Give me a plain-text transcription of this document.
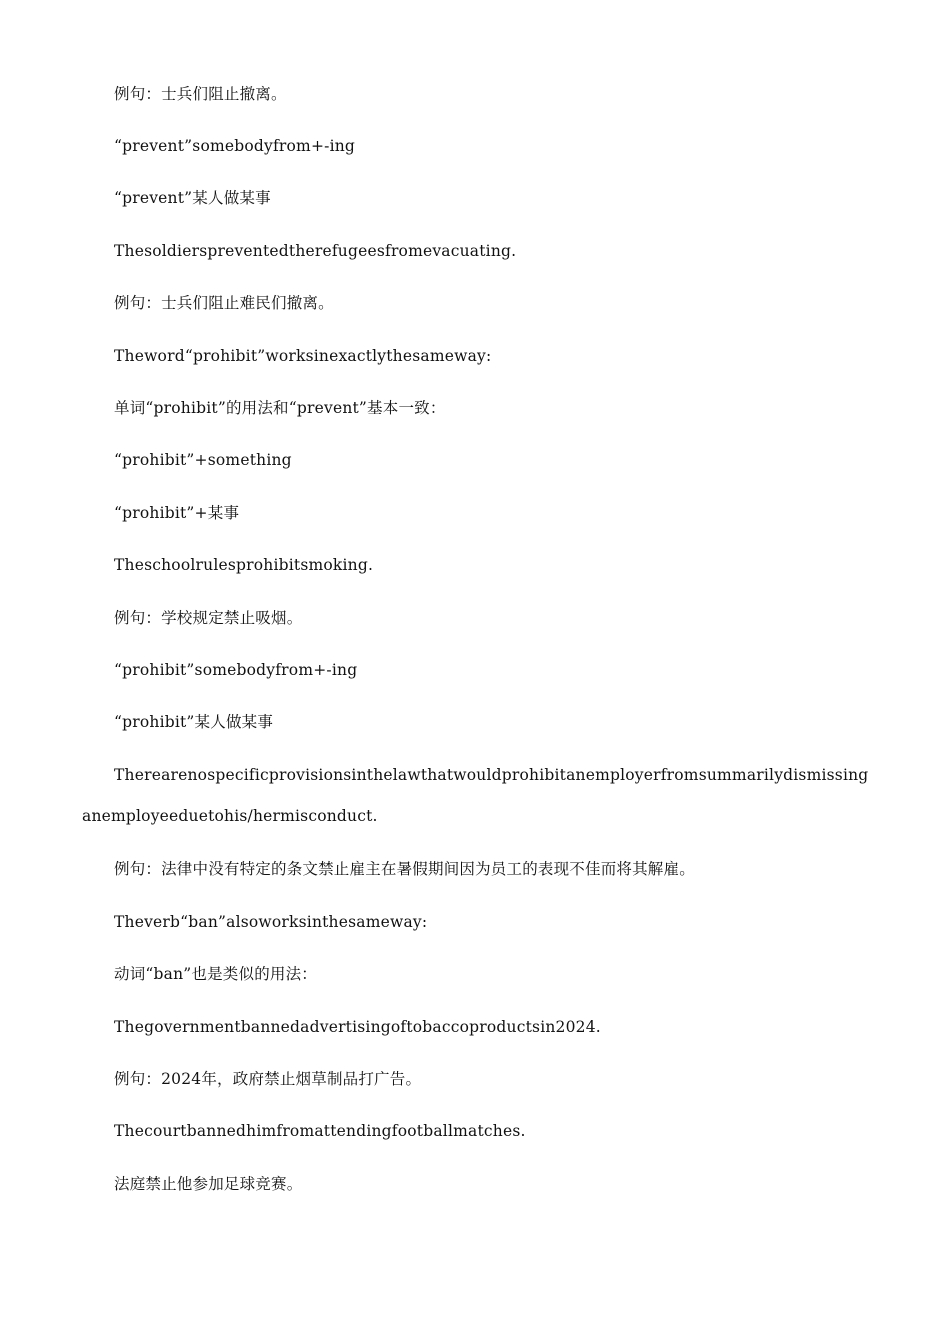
例句：士兵们阻止撤离。

“prevent”somebodyfrom+-ing

“prevent”某人做某事

Thesoldierspreventedtherefugeesfromevacuating.

例句：士兵们阻止难民们撤离。

Theword“prohibit”worksinexactlythesameway:

单词“prohibit”的用法和“prevent”基本一致：

“prohibit”+something

“prohibit”+某事

Theschoolrulesprohibitsmoking.

例句：学校规定禁止吸烟。

“prohibit”somebodyfrom+-ing

“prohibit”某人做某事

Therearenospecificprovisionsinthelawthatwouldprohibitanemployerfromsummarilydismissinganemployeeduetohis/hermisconduct.

例句：法律中没有特定的条文禁止雇主在暑假期间因为员工的表现不佳而将其解雇。

Theverb“ban”alsoworksinthesameway:

动词“ban”也是类似的用法：

Thegovernmentbannedadvertisingoftobaccoproductsin2024.

例句：2024年，政府禁止烟草制品打广告。

Thecourtbannedhimfromattendingfootballmatches.

法庭禁止他参加足球竞赛。
